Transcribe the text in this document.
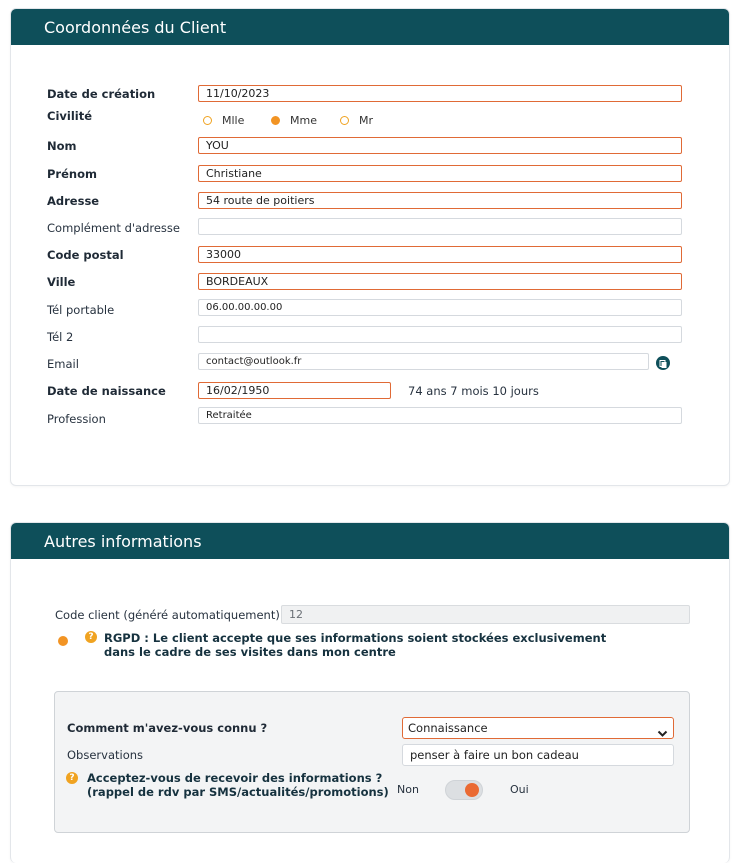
Coordonnées du Client
Date de création	11/10/2023
Civilité	Mlle	Mme	Mr
Nom	YOU
Prénom	Christiane
Adresse	54 route de poitiers
Complément d'adresse
Code postal	33000
Ville	BORDEAUX
Tél portable	06.00.00.00.00
Tél 2
Email	contact@outlook.fr
Date de naissance	16/02/1950	74 ans 7 mois 10 jours
Profession	Retraitée
Autres informations
Code client (généré automatiquement) 12
? RGPD : Le client accepte que ses informations soient stockées exclusivement
dans le cadre de ses visites dans mon centre
Comment m'avez-vous connu ?	Connaissance
Observations	penser à faire un bon cadeau
? Acceptez-vous de recevoir des informations ?
(rappel de rdv par SMS/actualités/promotions) Non	Oui
